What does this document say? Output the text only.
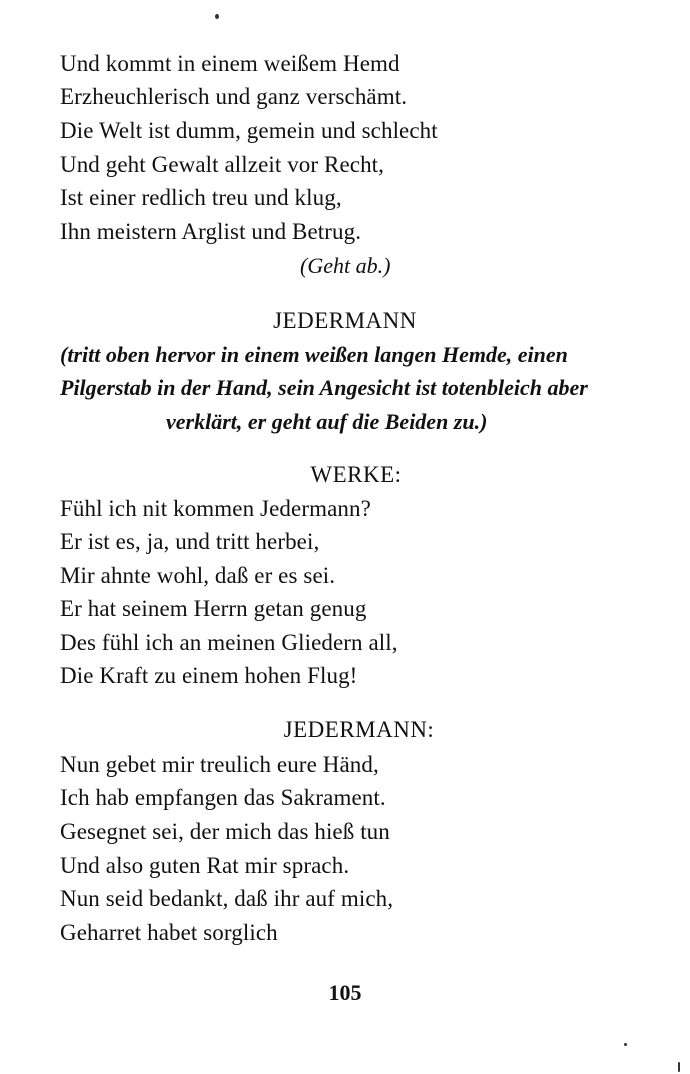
Und kommt in einem weißem Hemd
Erzheuchlerisch und ganz verschämt.
Die Welt ist dumm, gemein und schlecht
Und geht Gewalt allzeit vor Recht,
Ist einer redlich treu und klug,
Ihn meistern Arglist und Betrug.
(Geht ab.)
JEDERMANN
(tritt oben hervor in einem weißen langen Hemde, einen
Pilgerstab in der Hand, sein Angesicht ist totenbleich aber
verklärt, er geht auf die Beiden zu.)
WERKE:
Fühl ich nit kommen Jedermann?
Er ist es, ja, und tritt herbei,
Mir ahnte wohl, daß er es sei.
Er hat seinem Herrn getan genug
Des fühl ich an meinen Gliedern all,
Die Kraft zu einem hohen Flug!
JEDERMANN:
Nun gebet mir treulich eure Händ,
Ich hab empfangen das Sakrament.
Gesegnet sei, der mich das hieß tun
Und also guten Rat mir sprach.
Nun seid bedankt, daß ihr auf mich,
Geharret habet sorglich
105
